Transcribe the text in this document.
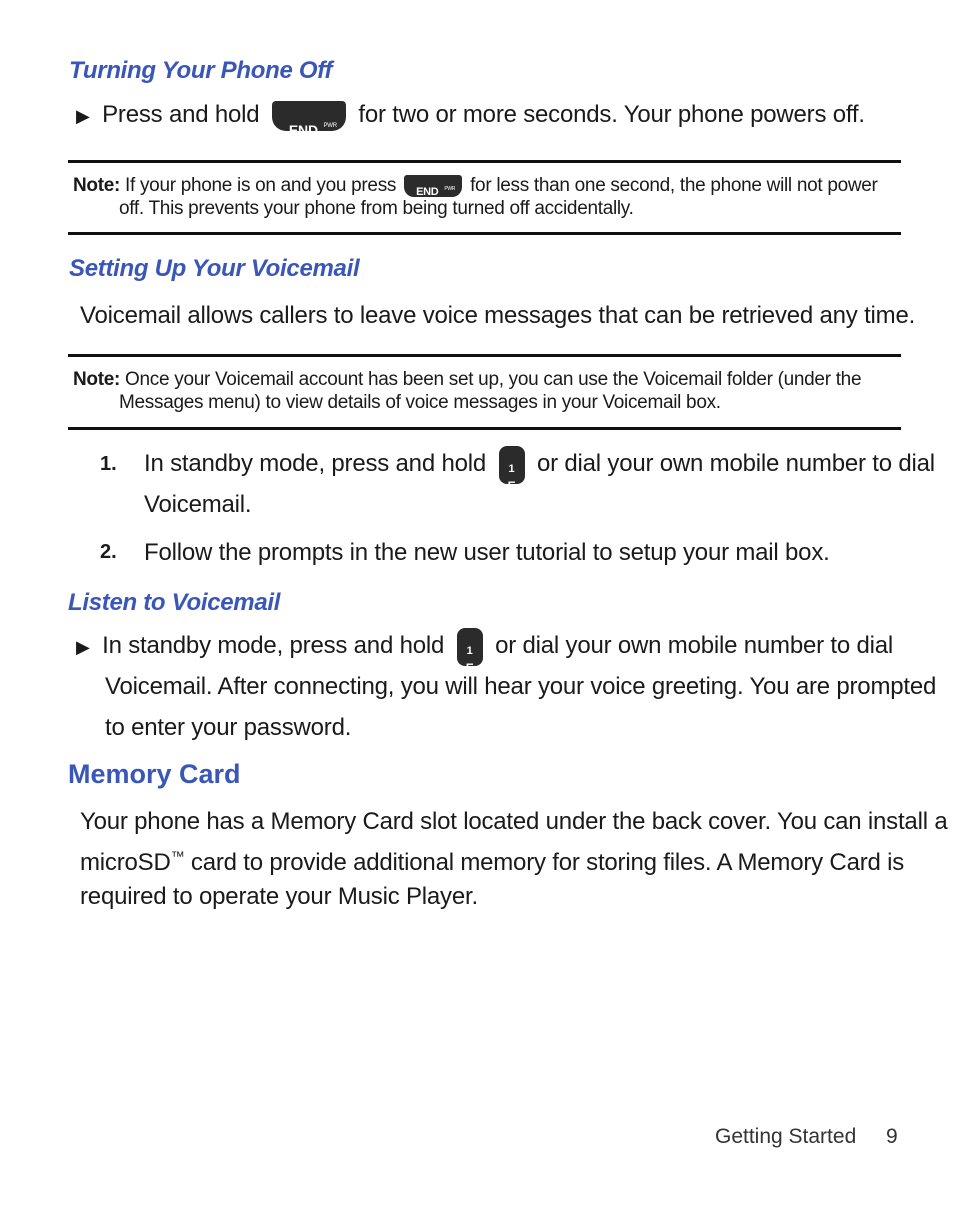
Turning Your Phone Off
▶ Press and hold
END PWR for two or more seconds. Your phone powers off.
Note: If your phone is on and you press END PWR for less than one second, the phone will not power
off. This prevents your phone from being turned off accidentally.
Setting Up Your Voicemail
Voicemail allows callers to leave voice messages that can be retrieved any time.
Note: Once your Voicemail account has been set up, you can use the Voicemail folder (under the
Messages menu) to view details of voice messages in your Voicemail box.
1. In standby mode, press and hold	1
E
or dial your own mobile number to dial
Voicemail.
2. Follow the prompts in the new user tutorial to setup your mail box.
Listen to Voicemail
▶ In standby mode, press and hold	1
E
or dial your own mobile number to dial
Voicemail. After connecting, you will hear your voice greeting. You are prompted
to enter your password.
Memory Card
Your phone has a Memory Card slot located under the back cover. You can install a
microSD™ card to provide additional memory for storing files. A Memory Card is
required to operate your Music Player.
Getting Started 9
